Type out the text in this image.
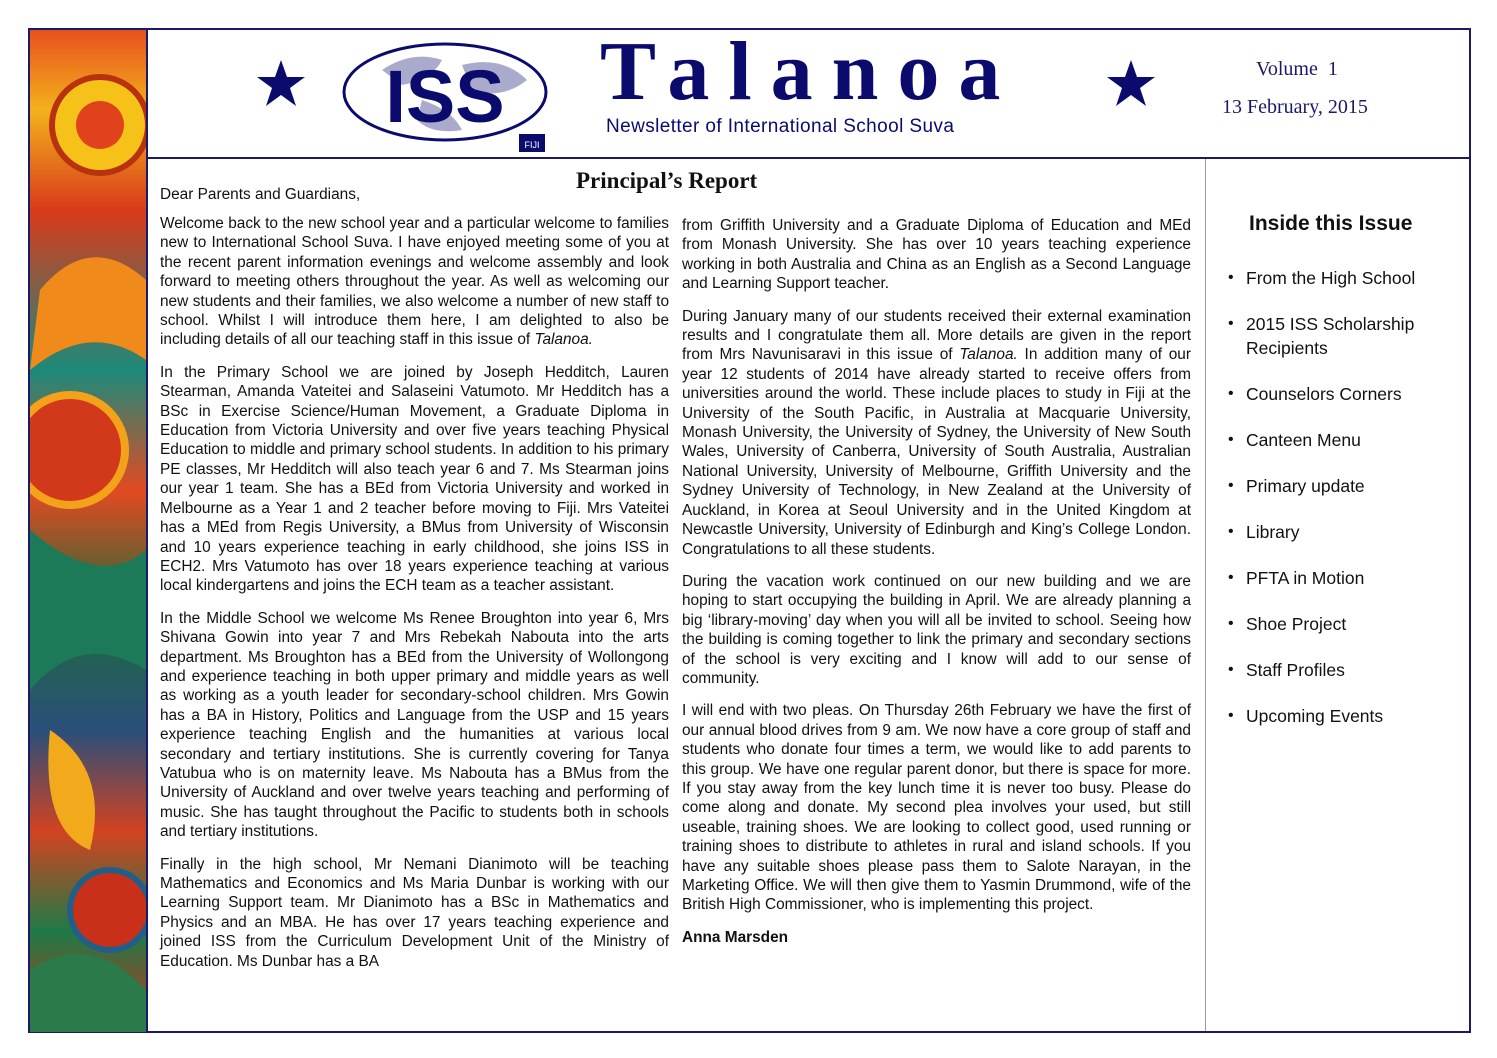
ISS
FIJI
Talanoa
Newsletter of International School Suva
Volume  1
13 February, 2015
Principal’s Report
Dear Parents and Guardians,

Welcome back to the new school year and a particular welcome to families new to International School Suva. I have enjoyed meeting some of you at the recent parent information evenings and welcome assembly and look forward to meeting others throughout the year. As well as welcoming our new students and their families, we also welcome a number of new staff to school. Whilst I will introduce them here, I am delighted to also be including details of all our teaching staff in this issue of Talanoa.

In the Primary School we are joined by Joseph Hedditch, Lauren Stearman, Amanda Vateitei and Salaseini Vatumoto. Mr Hedditch has a BSc in Exercise Science/Human Movement, a Graduate Diploma in Education from Victoria University and over five years teaching Physical Education to middle and primary school students. In addition to his primary PE classes, Mr Hedditch will also teach year 6 and 7. Ms Stearman joins our year 1 team. She has a BEd from Victoria University and worked in Melbourne as a Year 1 and 2 teacher before moving to Fiji. Mrs Vateitei has a MEd from Regis University, a BMus from University of Wisconsin and 10 years experience teaching in early childhood, she joins ISS in ECH2. Mrs Vatumoto has over 18 years experience teaching at various local kindergartens and joins the ECH team as a teacher assistant.

In the Middle School we welcome Ms Renee Broughton into year 6, Mrs Shivana Gowin into year 7 and Mrs Rebekah Nabouta into the arts department. Ms Broughton has a BEd from the University of Wollongong and experience teaching in both upper primary and middle years as well as working as a youth leader for secondary-school children. Mrs Gowin has a BA in History, Politics and Language from the USP and 15 years experience teaching English and the humanities at various local secondary and tertiary institutions. She is currently covering for Tanya Vatubua who is on maternity leave. Ms Nabouta has a BMus from the University of Auckland and over twelve years teaching and performing of music. She has taught throughout the Pacific to students both in schools and tertiary institutions.

Finally in the high school, Mr Nemani Dianimoto will be teaching Mathematics and Economics and Ms Maria Dunbar is working with our Learning Support team. Mr Dianimoto has a BSc in Mathematics and Physics and an MBA. He has over 17 years teaching experience and joined ISS from the Curriculum Development Unit of the Ministry of Education. Ms Dunbar has a BA

from Griffith University and a Graduate Diploma of Education and MEd from Monash University. She has over 10 years teaching experience working in both Australia and China as an English as a Second Language and Learning Support teacher.

During January many of our students received their external examination results and I congratulate them all. More details are given in the report from Mrs Navunisaravi in this issue of Talanoa. In addition many of our year 12 students of 2014 have already started to receive offers from universities around the world. These include places to study in Fiji at the University of the South Pacific, in Australia at Macquarie University, Monash University, the University of Sydney, the University of New South Wales, University of Canberra, University of South Australia, Australian National University, University of Melbourne, Griffith University and the Sydney University of Technology, in New Zealand at the University of Auckland, in Korea at Seoul University and in the United Kingdom at Newcastle University, University of Edinburgh and King’s College London. Congratulations to all these students.

During the vacation work continued on our new building and we are hoping to start occupying the building in April. We are already planning a big ‘library-moving’ day when you will all be invited to school. Seeing how the building is coming together to link the primary and secondary sections of the school is very exciting and I know will add to our sense of community.

I will end with two pleas. On Thursday 26th February we have the first of our annual blood drives from 9 am. We now have a core group of staff and students who donate four times a term, we would like to add parents to this group. We have one regular parent donor, but there is space for more. If you stay away from the key lunch time it is never too busy. Please do come along and donate. My second plea involves your used, but still useable, training shoes. We are looking to collect good, used running or training shoes to distribute to athletes in rural and island schools. If you have any suitable shoes please pass them to Salote Narayan, in the Marketing Office. We will then give them to Yasmin Drummond, wife of the British High Commissioner, who is implementing this project.

Anna Marsden

Inside this Issue
• From the High School
• 2015 ISS Scholarship Recipients
• Counselors Corners
• Canteen Menu
• Primary update
• Library
• PFTA in Motion
• Shoe Project
• Staff Profiles
• Upcoming Events
